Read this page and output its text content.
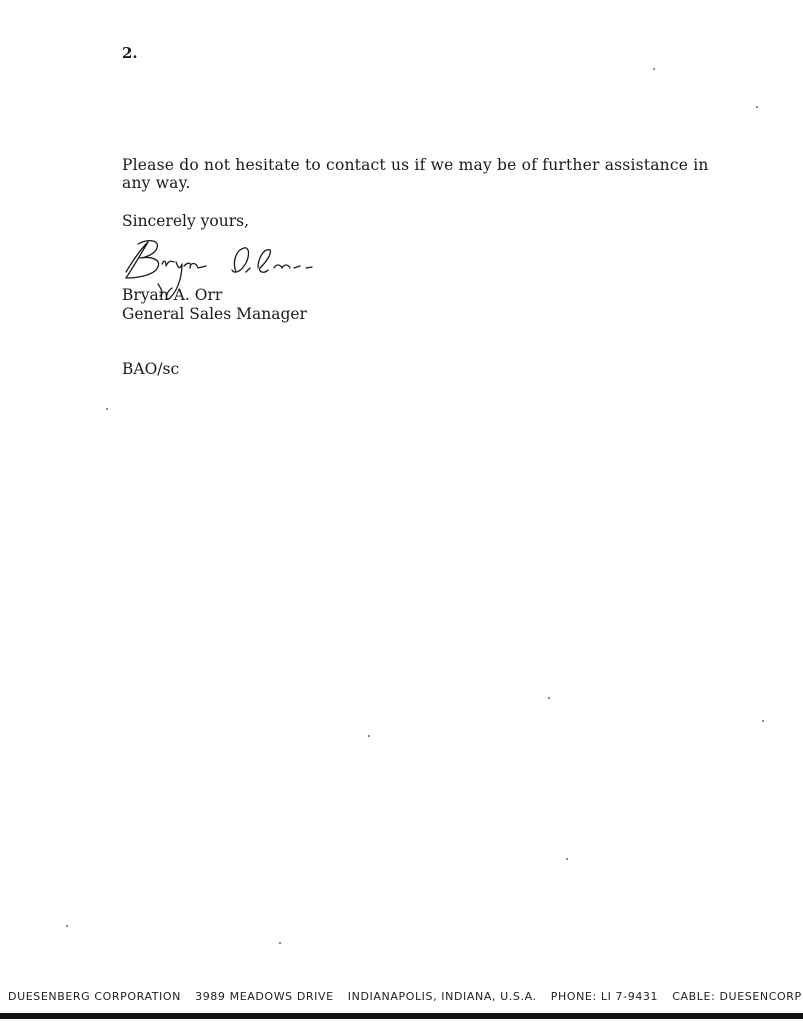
2.
Please do not hesitate to contact us if we may be of further assistance in any way.
Sincerely yours,
Bryan A. Orr
General Sales Manager
BAO/sc
DUESENBERG CORPORATION 3989 MEADOWS DRIVE INDIANAPOLIS, INDIANA, U.S.A. PHONE: LI 7-9431 CABLE: DUESENCORP
